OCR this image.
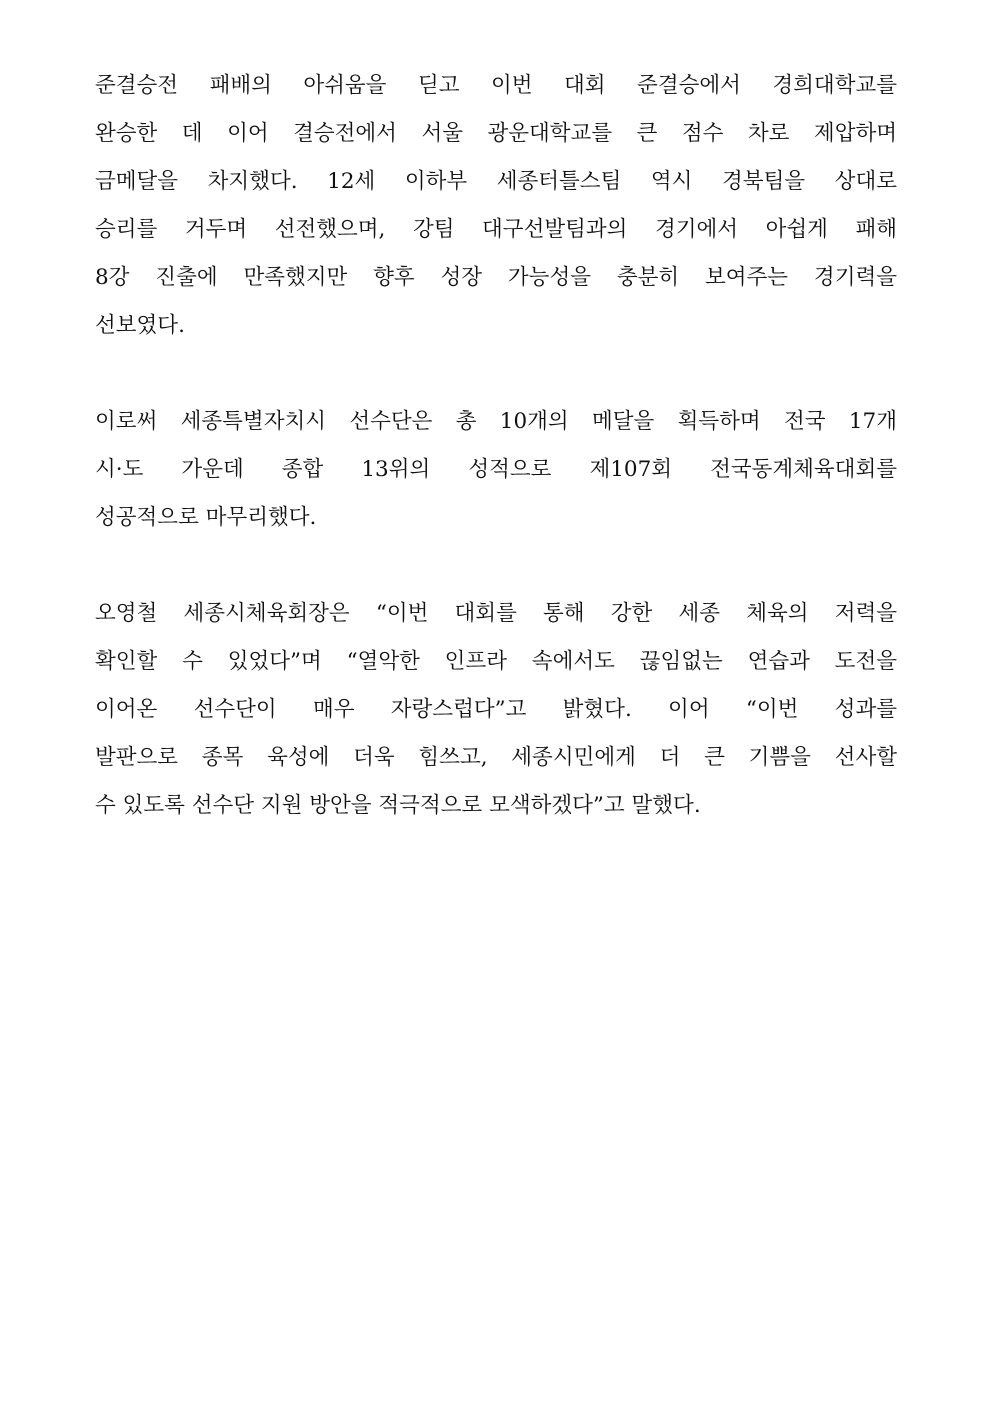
준결승전 패배의 아쉬움을 딛고 이번 대회 준결승에서 경희대학교를
완승한 데 이어 결승전에서 서울 광운대학교를 큰 점수 차로 제압하며
금메달을 차지했다. 12세 이하부 세종터틀스팀 역시 경북팀을 상대로
승리를 거두며 선전했으며, 강팀 대구선발팀과의 경기에서 아쉽게 패해
8강 진출에 만족했지만 향후 성장 가능성을 충분히 보여주는 경기력을
선보였다.
이로써 세종특별자치시 선수단은 총 10개의 메달을 획득하며 전국 17개
시·도 가운데 종합 13위의 성적으로 제107회 전국동계체육대회를
성공적으로 마무리했다.
오영철 세종시체육회장은 “이번 대회를 통해 강한 세종 체육의 저력을
확인할 수 있었다”며 “열악한 인프라 속에서도 끊임없는 연습과 도전을
이어온 선수단이 매우 자랑스럽다”고 밝혔다. 이어 “이번 성과를
발판으로 종목 육성에 더욱 힘쓰고, 세종시민에게 더 큰 기쁨을 선사할
수 있도록 선수단 지원 방안을 적극적으로 모색하겠다”고 말했다.
